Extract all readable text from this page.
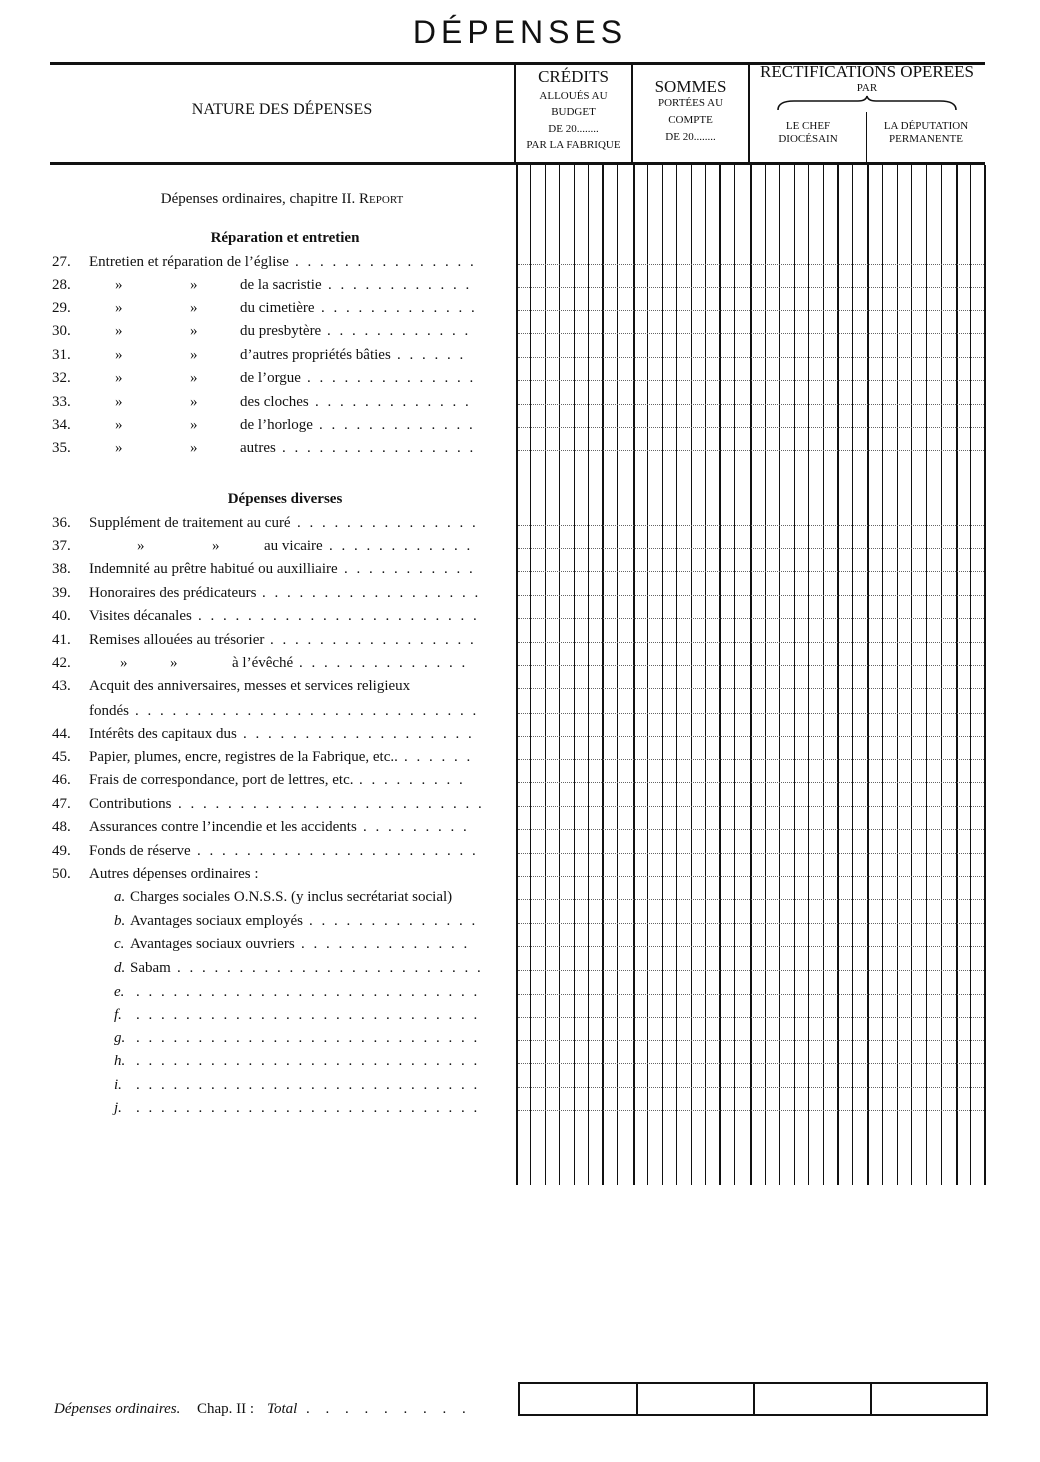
DÉPENSES
NATURE DES DÉPENSES
CRÉDITS
ALLOUÉS AU
BUDGET
DE 20........
PAR LA FABRIQUE
SOMMES
PORTÉES AU
COMPTE
DE 20........
RECTIFICATIONS OPÉRÉES
PAR
LE CHEF
DIOCÉSAIN
LA DÉPUTATION
PERMANENTE
Dépenses ordinaires, chapitre II. Report
Réparation et entretien
Dépenses diverses
27.	Entretien et réparation de l’église . . . . . . . . . . . . . . .
28.	»	»	de la sacristie . . . . . . . . . . . .
29.	»	»	du cimetière . . . . . . . . . . . . .
30.	»	»	du presbytère . . . . . . . . . . . .
31.	»	»	d’autres propriétés bâties . . . . . .
32.	»	»	de l’orgue . . . . . . . . . . . . . .
33.	»	»	des cloches . . . . . . . . . . . . .
34.	»	»	de l’horloge . . . . . . . . . . . . .
35.	»	»	autres . . . . . . . . . . . . . . . .
36.	Supplément de traitement au curé . . . . . . . . . . . . . . .
37.	»	»	au vicaire . . . . . . . . . . . .
38.	Indemnité au prêtre habitué ou auxilliaire . . . . . . . . . . .
39.	Honoraires des prédicateurs . . . . . . . . . . . . . . . . . .
40.	Visites décanales . . . . . . . . . . . . . . . . . . . . . . .
41.	Remises allouées au trésorier . . . . . . . . . . . . . . . . .
42.	»	»	à l’évêché . . . . . . . . . . . . . .
43.	Acquit des anniversaires, messes et services religieux
fondés . . . . . . . . . . . . . . . . . . . . . . . . . . . .
44.	Intérêts des capitaux dus . . . . . . . . . . . . . . . . . . .
45.	Papier, plumes, encre, registres de la Fabrique, etc.. . . . . . .
46.	Frais de correspondance, port de lettres, etc. . . . . . . . . .
47.	Contributions . . . . . . . . . . . . . . . . . . . . . . . . .
48.	Assurances contre l’incendie et les accidents . . . . . . . . .
49.	Fonds de réserve . . . . . . . . . . . . . . . . . . . . . . .
50.	Autres dépenses ordinaires :
a. Charges sociales O.N.S.S. (y inclus secrétariat social)
b. Avantages sociaux employés . . . . . . . . . . . . . .
c. Avantages sociaux ouvriers . . . . . . . . . . . . . .
d. Sabam . . . . . . . . . . . . . . . . . . . . . . . . .
e. . . . . . . . . . . . . . . . . . . . . . . . . . . . .
f. . . . . . . . . . . . . . . . . . . . . . . . . . . . .
g. . . . . . . . . . . . . . . . . . . . . . . . . . . . .
h. . . . . . . . . . . . . . . . . . . . . . . . . . . . .
i. . . . . . . . . . . . . . . . . . . . . . . . . . . . .
j. . . . . . . . . . . . . . . . . . . . . . . . . . . . .
Dépenses ordinaires. Chap. II : Total . . . . . . . . .
